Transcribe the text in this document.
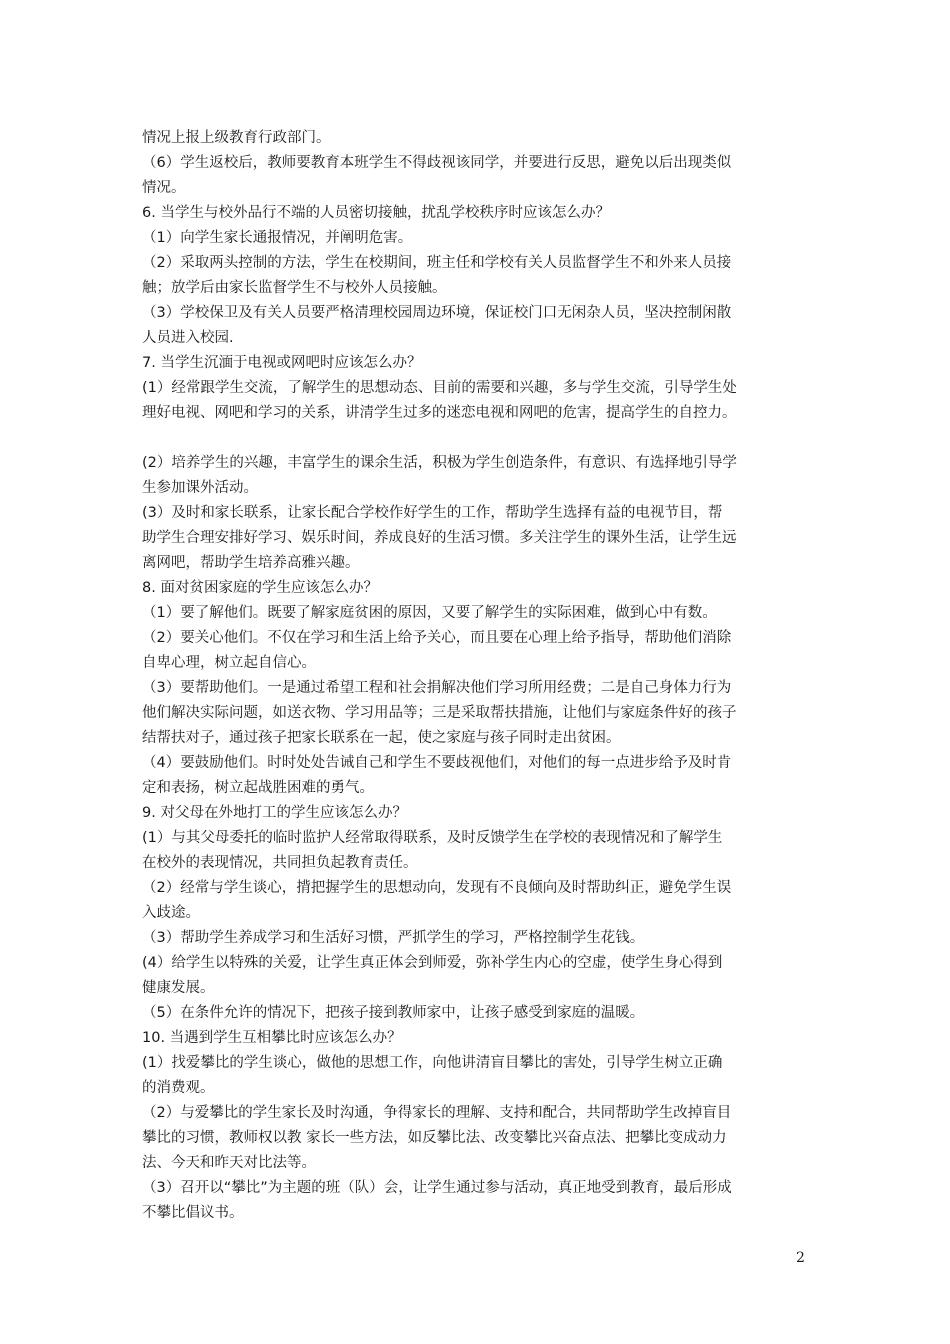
情况上报上级教育行政部门。
（6）学生返校后，教师要教育本班学生不得歧视该同学，并要进行反思，避免以后出现类似
情况。
6. 当学生与校外品行不端的人员密切接触，扰乱学校秩序时应该怎么办？
（1）向学生家长通报情况，并阐明危害。
（2）采取两头控制的方法，学生在校期间，班主任和学校有关人员监督学生不和外来人员接
触；放学后由家长监督学生不与校外人员接触。
（3）学校保卫及有关人员要严格清理校园周边环境，保证校门口无闲杂人员，坚决控制闲散
人员进入校园.
7. 当学生沉湎于电视或网吧时应该怎么办？
(1）经常跟学生交流，了解学生的思想动态、目前的需要和兴趣，多与学生交流，引导学生处
理好电视、网吧和学习的关系，讲清学生过多的迷恋电视和网吧的危害，提高学生的自控力。
(2）培养学生的兴趣，丰富学生的课余生活，积极为学生创造条件，有意识、有选择地引导学
生参加课外活动。
(3）及时和家长联系，让家长配合学校作好学生的工作，帮助学生选择有益的电视节目，帮
助学生合理安排好学习、娱乐时间，养成良好的生活习惯。多关注学生的课外生活，让学生远
离网吧，帮助学生培养高雅兴趣。
8. 面对贫困家庭的学生应该怎么办？
（1）要了解他们。既要了解家庭贫困的原因，又要了解学生的实际困难，做到心中有数。
（2）要关心他们。不仅在学习和生活上给予关心，而且要在心理上给予指导，帮助他们消除
自卑心理，树立起自信心。
（3）要帮助他们。一是通过希望工程和社会捐解决他们学习所用经费；二是自己身体力行为
他们解决实际问题，如送衣物、学习用品等；三是采取帮扶措施，让他们与家庭条件好的孩子
结帮扶对子，通过孩子把家长联系在一起，使之家庭与孩子同时走出贫困。
（4）要鼓励他们。时时处处告诫自己和学生不要歧视他们，对他们的每一点进步给予及时肯
定和表扬，树立起战胜困难的勇气。
9. 对父母在外地打工的学生应该怎么办？
(1）与其父母委托的临时监护人经常取得联系，及时反馈学生在学校的表现情况和了解学生
在校外的表现情况，共同担负起教育责任。
（2）经常与学生谈心，揹把握学生的思想动向，发现有不良倾向及时帮助纠正，避免学生误
入歧途。
（3）帮助学生养成学习和生活好习惯，严抓学生的学习，严格控制学生花钱。
(4）给学生以特殊的关爱，让学生真正体会到师爱，弥补学生内心的空虚，使学生身心得到
健康发展。
（5）在条件允许的情况下，把孩子接到教师家中，让孩子感受到家庭的温暖。
10. 当遇到学生互相攀比时应该怎么办？
(1）找爱攀比的学生谈心，做他的思想工作，向他讲清盲目攀比的害处，引导学生树立正确
的消费观。
（2）与爱攀比的学生家长及时沟通，争得家长的理解、支持和配合，共同帮助学生改掉盲目
攀比的习惯，教师权以教 家长一些方法，如反攀比法、改变攀比兴奋点法、把攀比变成动力
法、今天和昨天对比法等。
（3）召开以“攀比”为主题的班（队）会，让学生通过参与活动，真正地受到教育，最后形成
不攀比倡议书。
2
